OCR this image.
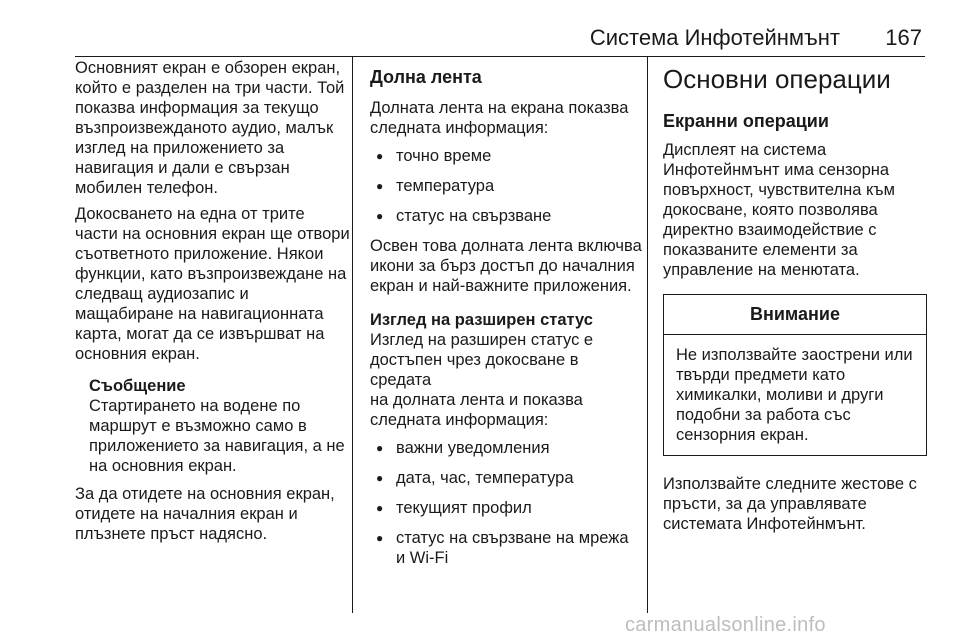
Система Инфотейнмънт 167

Основният екран е обзорен екран,
който е разделен на три части. Той
показва информация за текущо
възпроизвежданото аудио, малък
изглед на приложението за
навигация и дали е свързан
мобилен телефон.

Докосването на една от трите
части на основния екран ще отвори
съответното приложение. Някои
функции, като възпроизвеждане на
следващ аудиозапис и
мащабиране на навигационната
карта, могат да се извършват на
основния екран.

Съобщение
Стартирането на водене по
маршрут е възможно само в
приложението за навигация, а не
на основния екран.

За да отидете на основния екран,
отидете на началния екран и
плъзнете пръст надясно.

Долна лента

Долната лента на екрана показва
следната информация:

● точно време
● температура
● статус на свързване

Освен това долната лента включва
икони за бърз достъп до началния
екран и най-важните приложения.

Изглед на разширен статус

Изглед на разширен статус е
достъпен чрез докосване в средата
на долната лента и показва
следната информация:

● важни уведомления
● дата, час, температура
● текущият профил
● статус на свързване на мрежа
и Wi-Fi
Основни операции
Екранни операции

Дисплеят на система
Инфотейнмънт има сензорна
повърхност, чувствителна към
докосване, която позволява
директно взаимодействие с
показваните елементи за
управление на менютата.

Внимание
Не използвайте заострени или
твърди предмети като
химикалки, моливи и други
подобни за работа със
сензорния екран.

Използвайте следните жестове с
пръсти, за да управлявате
системата Инфотейнмънт.

carmanualsonline.info
